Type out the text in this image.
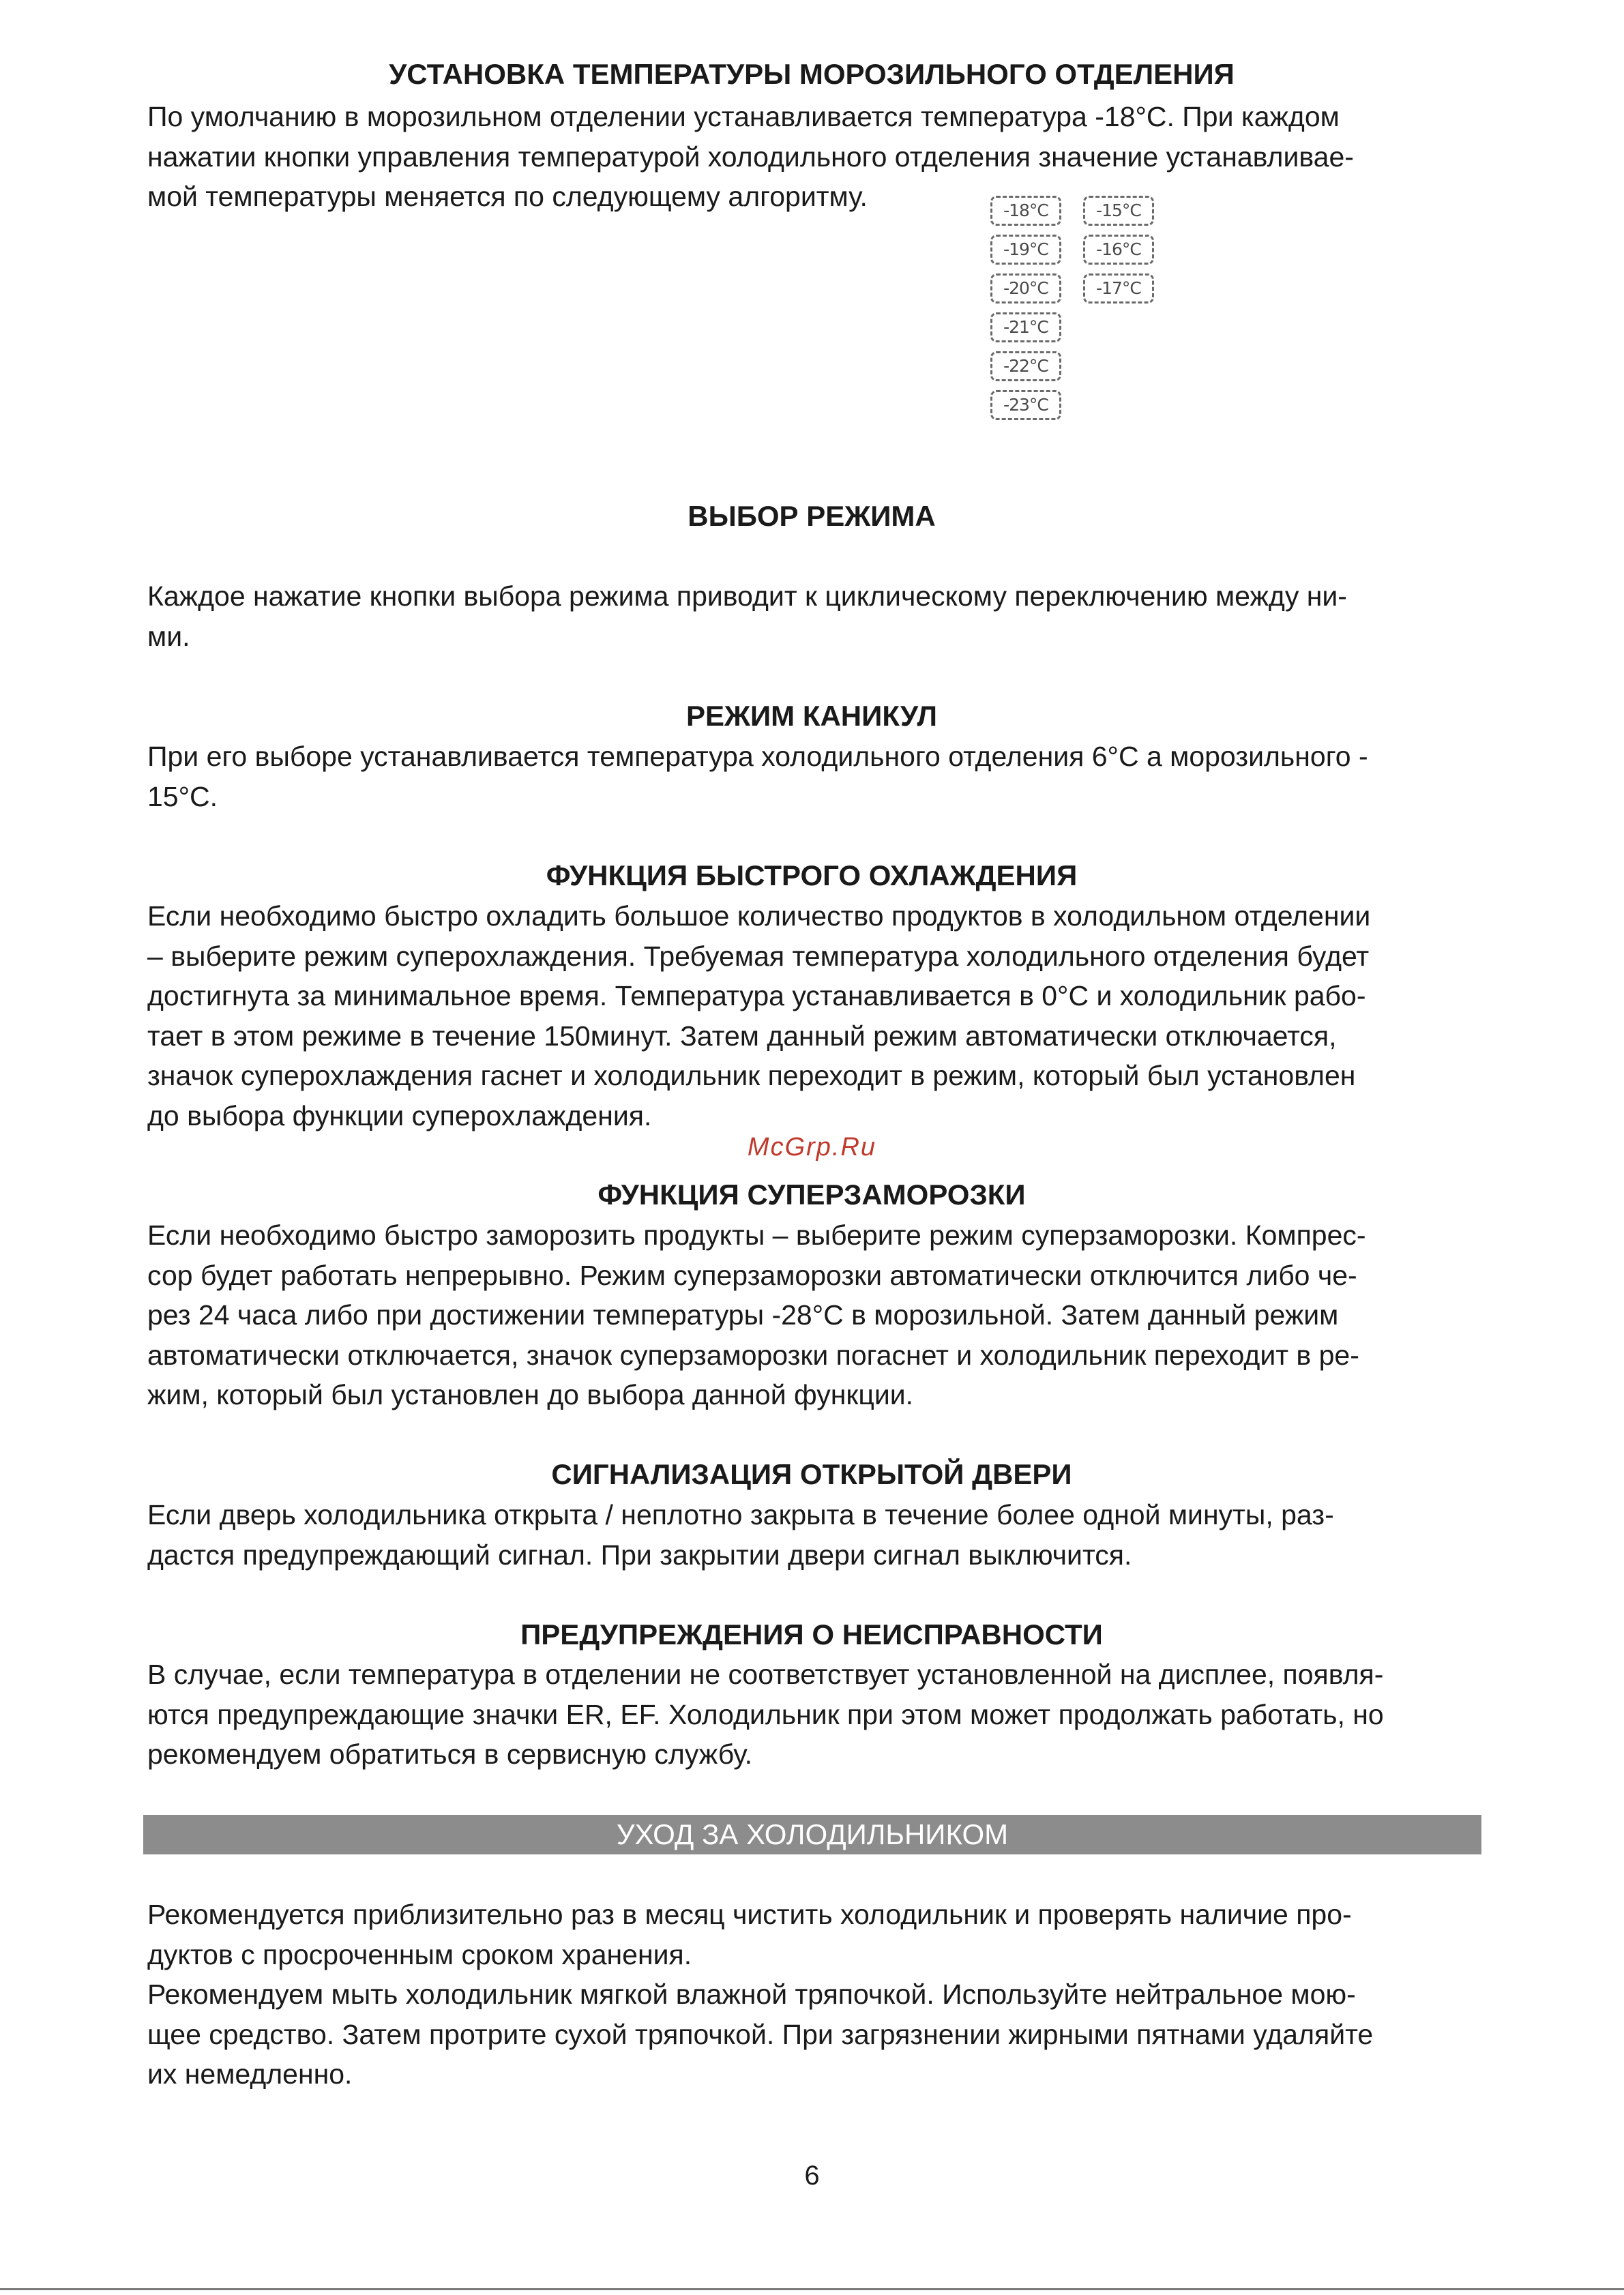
УСТАНОВКА ТЕМПЕРАТУРЫ МОРОЗИЛЬНОГО ОТДЕЛЕНИЯ
По умолчанию в морозильном отделении устанавливается температура -18°C. При каждом
нажатии кнопки управления температурой холодильного отделения значение устанавливае-
мой температуры меняется по следующему алгоритму.	-18°C
-19°C
-20°C
-21°C
-22°C
-23°C
-15°C
-16°C
-17°C
ВЫБОР РЕЖИМА
Каждое нажатие кнопки выбора режима приводит к циклическому переключению между ни-
ми.
РЕЖИМ КАНИКУЛ
При его выборе устанавливается температура холодильного отделения 6°C а морозильного -
15°C.
ФУНКЦИЯ БЫСТРОГО ОХЛАЖДЕНИЯ
Если необходимо быстро охладить большое количество продуктов в холодильном отделении
– выберите режим суперохлаждения. Требуемая температура холодильного отделения будет
достигнута за минимальное время. Температура устанавливается в 0°C и холодильник рабо-
тает в этом режиме в течение 150минут. Затем данный режим автоматически отключается,
значок суперохлаждения гаснет и холодильник переходит в режим, который был установлен
до выбора функции суперохлаждения.
McGrp.Ru
ФУНКЦИЯ СУПЕРЗАМОРОЗКИ
Если необходимо быстро заморозить продукты – выберите режим суперзаморозки. Компрес-
сор будет работать непрерывно. Режим суперзаморозки автоматически отключится либо че-
рез 24 часа либо при достижении температуры -28°C в морозильной. Затем данный режим
автоматически отключается, значок суперзаморозки погаснет и холодильник переходит в ре-
жим, который был установлен до выбора данной функции.
СИГНАЛИЗАЦИЯ ОТКРЫТОЙ ДВЕРИ
Если дверь холодильника открыта / неплотно закрыта в течение более одной минуты, раз-
дастся предупреждающий сигнал. При закрытии двери сигнал выключится.
ПРЕДУПРЕЖДЕНИЯ О НЕИСПРАВНОСТИ
В случае, если температура в отделении не соответствует установленной на дисплее, появля-
ются предупреждающие значки ER, EF. Холодильник при этом может продолжать работать, но
рекомендуем обратиться в сервисную службу.
УХОД ЗА ХОЛОДИЛЬНИКОМ
Рекомендуется приблизительно раз в месяц чистить холодильник и проверять наличие про-
дуктов с просроченным сроком хранения.
Рекомендуем мыть холодильник мягкой влажной тряпочкой. Используйте нейтральное мою-
щее средство. Затем протрите сухой тряпочкой. При загрязнении жирными пятнами удаляйте
их немедленно.
6
